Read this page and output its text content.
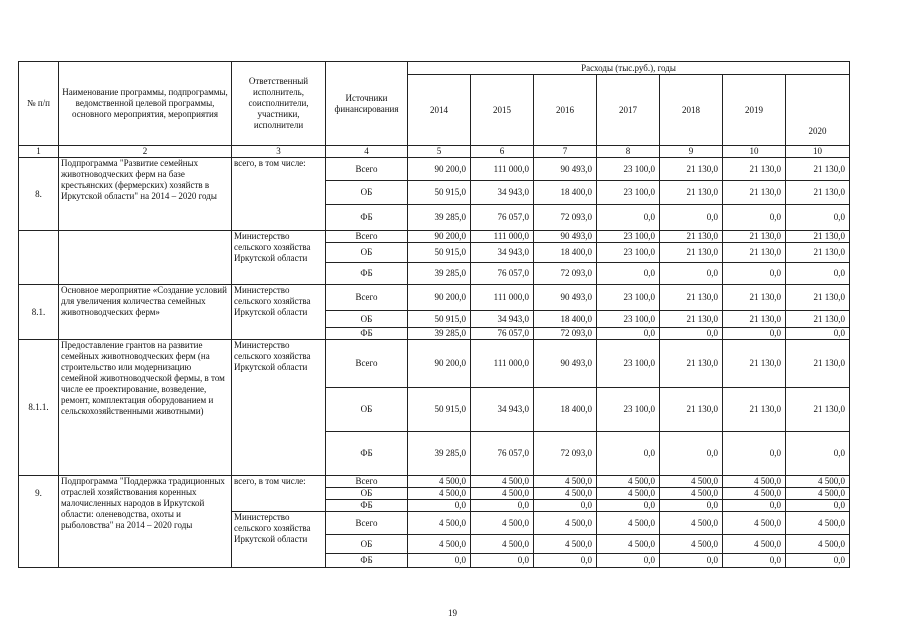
№ п/п	Наименование программы, подпрограммы, ведомственной целевой программы, основного мероприятия, мероприятия	Ответственный исполнитель, соисполнители, участники, исполнители	Источники финансирования	Расходы (тыс.руб.), годы						
				2014	2015	2016	2017	2018	2019	2020
1	2	3	4	5	6	7	8	9	10	10
8.	Подпрограмма "Развитие семейных животноводческих ферм на базе крестьянских (фермерских) хозяйств в Иркутской области" на 2014 – 2020 годы	всего, в том числе:	Всего	90 200,0	111 000,0	90 493,0	23 100,0	21 130,0	21 130,0	21 130,0
			ОБ	50 915,0	34 943,0	18 400,0	23 100,0	21 130,0	21 130,0	21 130,0
			ФБ	39 285,0	76 057,0	72 093,0	0,0	0,0	0,0	0,0
		Министерство сельского хозяйства Иркутской области	Всего	90 200,0	111 000,0	90 493,0	23 100,0	21 130,0	21 130,0	21 130,0
			ОБ	50 915,0	34 943,0	18 400,0	23 100,0	21 130,0	21 130,0	21 130,0
			ФБ	39 285,0	76 057,0	72 093,0	0,0	0,0	0,0	0,0
8.1.	Основное мероприятие «Создание условий для увеличения количества семейных животноводческих ферм»	Министерство сельского хозяйства Иркутской области	Всего	90 200,0	111 000,0	90 493,0	23 100,0	21 130,0	21 130,0	21 130,0
			ОБ	50 915,0	34 943,0	18 400,0	23 100,0	21 130,0	21 130,0	21 130,0
			ФБ	39 285,0	76 057,0	72 093,0	0,0	0,0	0,0	0,0
8.1.1.	Предоставление грантов на развитие семейных животноводческих ферм (на строительство или модернизацию семейной животноводческой фермы, в том числе ее проектирование, возведение, ремонт, комплектация оборудованием и сельскохозяйственными животными)	Министерство сельского хозяйства Иркутской области	Всего	90 200,0	111 000,0	90 493,0	23 100,0	21 130,0	21 130,0	21 130,0
			ОБ	50 915,0	34 943,0	18 400,0	23 100,0	21 130,0	21 130,0	21 130,0
			ФБ	39 285,0	76 057,0	72 093,0	0,0	0,0	0,0	0,0
9.	Подпрограмма "Поддержка традиционных отраслей хозяйствования коренных малочисленных народов в Иркутской области: оленеводства, охоты и рыболовства" на 2014 – 2020 годы	всего, в том числе:	Всего	4 500,0	4 500,0	4 500,0	4 500,0	4 500,0	4 500,0	4 500,0
			ОБ	4 500,0	4 500,0	4 500,0	4 500,0	4 500,0	4 500,0	4 500,0
			ФБ	0,0	0,0	0,0	0,0	0,0	0,0	0,0
		Министерство сельского хозяйства Иркутской области	Всего	4 500,0	4 500,0	4 500,0	4 500,0	4 500,0	4 500,0	4 500,0
			ОБ	4 500,0	4 500,0	4 500,0	4 500,0	4 500,0	4 500,0	4 500,0
			ФБ	0,0	0,0	0,0	0,0	0,0	0,0	0,0
19
